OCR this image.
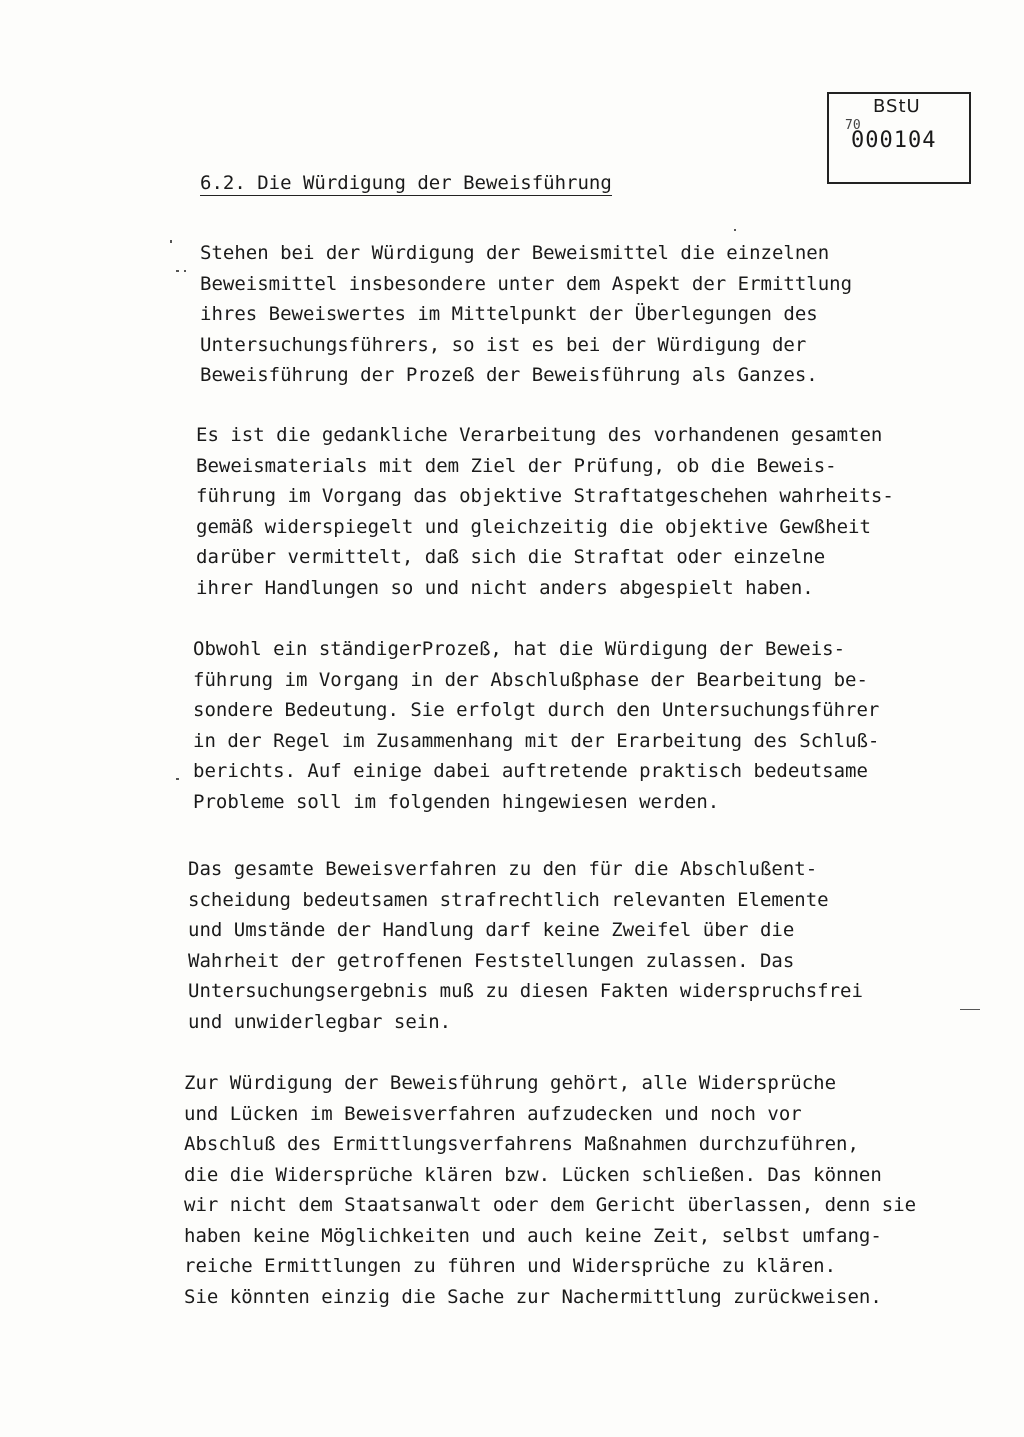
BStU
70
000104
6.2. Die Würdigung der Beweisführung
Stehen bei der Würdigung der Beweismittel die einzelnen
Beweismittel insbesondere unter dem Aspekt der Ermittlung
ihres Beweiswertes im Mittelpunkt der Überlegungen des
Untersuchungsführers, so ist es bei der Würdigung der
Beweisführung der Prozeß der Beweisführung als Ganzes.
Es ist die gedankliche Verarbeitung des vorhandenen gesamten
Beweismaterials mit dem Ziel der Prüfung, ob die Beweis-
führung im Vorgang das objektive Straftatgeschehen wahrheits-
gemäß widerspiegelt und gleichzeitig die objektive Gewßheit
darüber vermittelt, daß sich die Straftat oder einzelne
ihrer Handlungen so und nicht anders abgespielt haben.
Obwohl ein ständigerProzeß, hat die Würdigung der Beweis-
führung im Vorgang in der Abschlußphase der Bearbeitung be-
sondere Bedeutung. Sie erfolgt durch den Untersuchungsführer
in der Regel im Zusammenhang mit der Erarbeitung des Schluß-
berichts. Auf einige dabei auftretende praktisch bedeutsame
Probleme soll im folgenden hingewiesen werden.
Das gesamte Beweisverfahren zu den für die Abschlußent-
scheidung bedeutsamen strafrechtlich relevanten Elemente
und Umstände der Handlung darf keine Zweifel über die
Wahrheit der getroffenen Feststellungen zulassen. Das
Untersuchungsergebnis muß zu diesen Fakten widerspruchsfrei
und unwiderlegbar sein.
Zur Würdigung der Beweisführung gehört, alle Widersprüche
und Lücken im Beweisverfahren aufzudecken und noch vor
Abschluß des Ermittlungsverfahrens Maßnahmen durchzuführen,
die die Widersprüche klären bzw. Lücken schließen. Das können
wir nicht dem Staatsanwalt oder dem Gericht überlassen, denn sie
haben keine Möglichkeiten und auch keine Zeit, selbst umfang-
reiche Ermittlungen zu führen und Widersprüche zu klären.
Sie könnten einzig die Sache zur Nachermittlung zurückweisen.
